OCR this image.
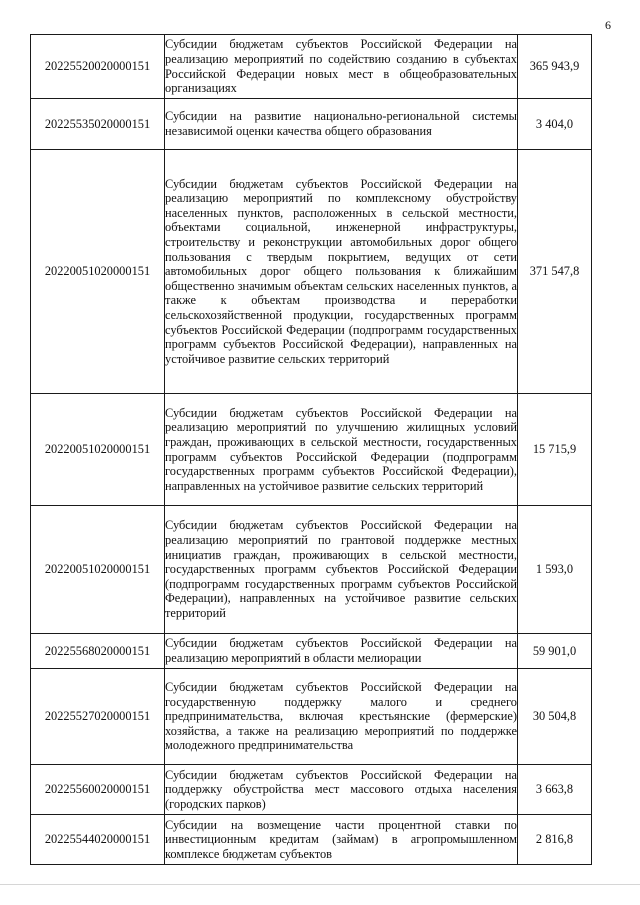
6
20225520020000151	Субсидии бюджетам субъектов Российской Федерации на реализацию мероприятий по содействию созданию в субъектах Российской Федерации новых мест в общеобразовательных организациях	365 943,9
20225535020000151	Субсидии на развитие национально-региональной системы независимой оценки качества общего образования	3 404,0
20220051020000151	Субсидии бюджетам субъектов Российской Федерации на реализацию мероприятий по комплексному обустройству населенных пунктов, расположенных в сельской местности, объектами социальной, инженерной инфраструктуры, строительству и реконструкции автомобильных дорог общего пользования с твердым покрытием, ведущих от сети автомобильных дорог общего пользования к ближайшим общественно значимым объектам сельских населенных пунктов, а также к объектам производства и переработки сельскохозяйственной продукции, государственных программ субъектов Российской Федерации (подпрограмм государственных программ субъектов Российской Федерации), направленных на устойчивое развитие сельских территорий	371 547,8
20220051020000151	Субсидии бюджетам субъектов Российской Федерации на реализацию мероприятий по улучшению жилищных условий граждан, проживающих в сельской местности, государственных программ субъектов Российской Федерации (подпрограмм государственных программ субъектов Российской Федерации), направленных на устойчивое развитие сельских территорий	15 715,9
20220051020000151	Субсидии бюджетам субъектов Российской Федерации на реализацию мероприятий по грантовой поддержке местных инициатив граждан, проживающих в сельской местности, государственных программ субъектов Российской Федерации (подпрограмм государственных программ субъектов Российской Федерации), направленных на устойчивое развитие сельских территорий	1 593,0
20225568020000151	Субсидии бюджетам субъектов Российской Федерации на реализацию мероприятий в области мелиорации	59 901,0
20225527020000151	Субсидии бюджетам субъектов Российской Федерации на государственную поддержку малого и среднего предпринимательства, включая крестьянские (фермерские) хозяйства, а также на реализацию мероприятий по поддержке молодежного предпринимательства	30 504,8
20225560020000151	Субсидии бюджетам субъектов Российской Федерации на поддержку обустройства мест массового отдыха населения (городских парков)	3 663,8
20225544020000151	Субсидии на возмещение части процентной ставки по инвестиционным кредитам (займам) в агропромышленном комплексе бюджетам субъектов	2 816,8
